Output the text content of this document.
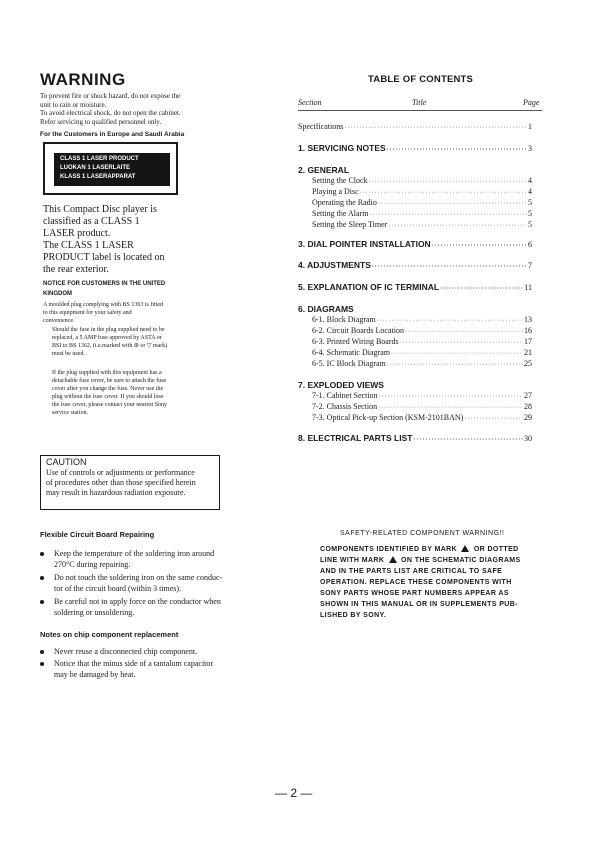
WARNING
To prevent fire or shock hazard, do not expose the
unit to rain or moisture.
To avoid electrical shock, do not open the cabinet.
Refer servicing to qualified personnel only.
For the Customers in Europe and Saudi Arabia
CLASS 1 LASER PRODUCT
LUOKAN 1 LASERLAITE
KLASS 1 LASERAPPARAT
This Compact Disc player is
classified as a CLASS 1
LASER product.
The CLASS 1 LASER
PRODUCT label is located on
the rear exterior.
NOTICE FOR CUSTOMERS IN THE UNITED
KINGDOM
A moulded plug complying with BS 1363 is fitted
to this equipment for your safety and
convenience.
Should the fuse in the plug supplied need to be
replaced, a 5 AMP fuse approved by ASTA or
BSI to BS 1362, (i.e.marked with ⊛ or ▽ mark)
must be used.
If the plug supplied with this equipment has a
detachable fuse cover, be sure to attach the fuse
cover after you change the fuse. Never use the
plug without the fuse cover. If you should lose
the fuse cover, please contact your nearest Sony
service station.
CAUTION
Use of controls or adjustments or performance
of procedures other than those specified herein
may result in hazardous radiation exposure.
TABLE OF CONTENTS
Section	Title	Page
Specifications ·····	1
1. SERVICING NOTES ·····	3
2. GENERAL
Setting the Clock ·····	4
Playing a Disc ·····	4
Operating the Radio ·····	5
Setting the Alarm ·····	5
Setting the Sleep Timer ·····	5
3. DIAL POINTER INSTALLATION ·····	6
4. ADJUSTMENTS ·····	7
5. EXPLANATION OF IC TERMINAL ·····	11
6. DIAGRAMS
6-1. Block Diagram ·····	13
6-2. Circuit Boards Location ·····	16
6-3. Printed Wiring Boards ·····	17
6-4. Schematic Diagram ·····	21
6-5. IC Block Diagram ·····	25
7. EXPLODED VIEWS
7-1. Cabinet Section ·····	27
7-2. Chassis Section ·····	28
7-3. Optical Pick-up Section (KSM-2101BAN) ·····	29
8. ELECTRICAL PARTS LIST ·····	30
Flexible Circuit Board Repairing
Keep the temperature of the soldering iron around
270°C during repairing.
Do not touch the soldering iron on the same conduc-
tor of the circuit board (within 3 times).
Be careful not to apply force on the conductor when
soldering or unsoldering.
Notes on chip component replacement
Never reuse a disconnected chip component.
Notice that the minus side of a tantalum capacitor
may be damaged by heat.
SAFETY-RELATED COMPONENT WARNING!!
COMPONENTS IDENTIFIED BY MARK OR DOTTED
LINE WITH MARK ON THE SCHEMATIC DIAGRAMS
AND IN THE PARTS LIST ARE CRITICAL TO SAFE
OPERATION. REPLACE THESE COMPONENTS WITH
SONY PARTS WHOSE PART NUMBERS APPEAR AS
SHOWN IN THIS MANUAL OR IN SUPPLEMENTS PUB-
LISHED BY SONY.
— 2 —
